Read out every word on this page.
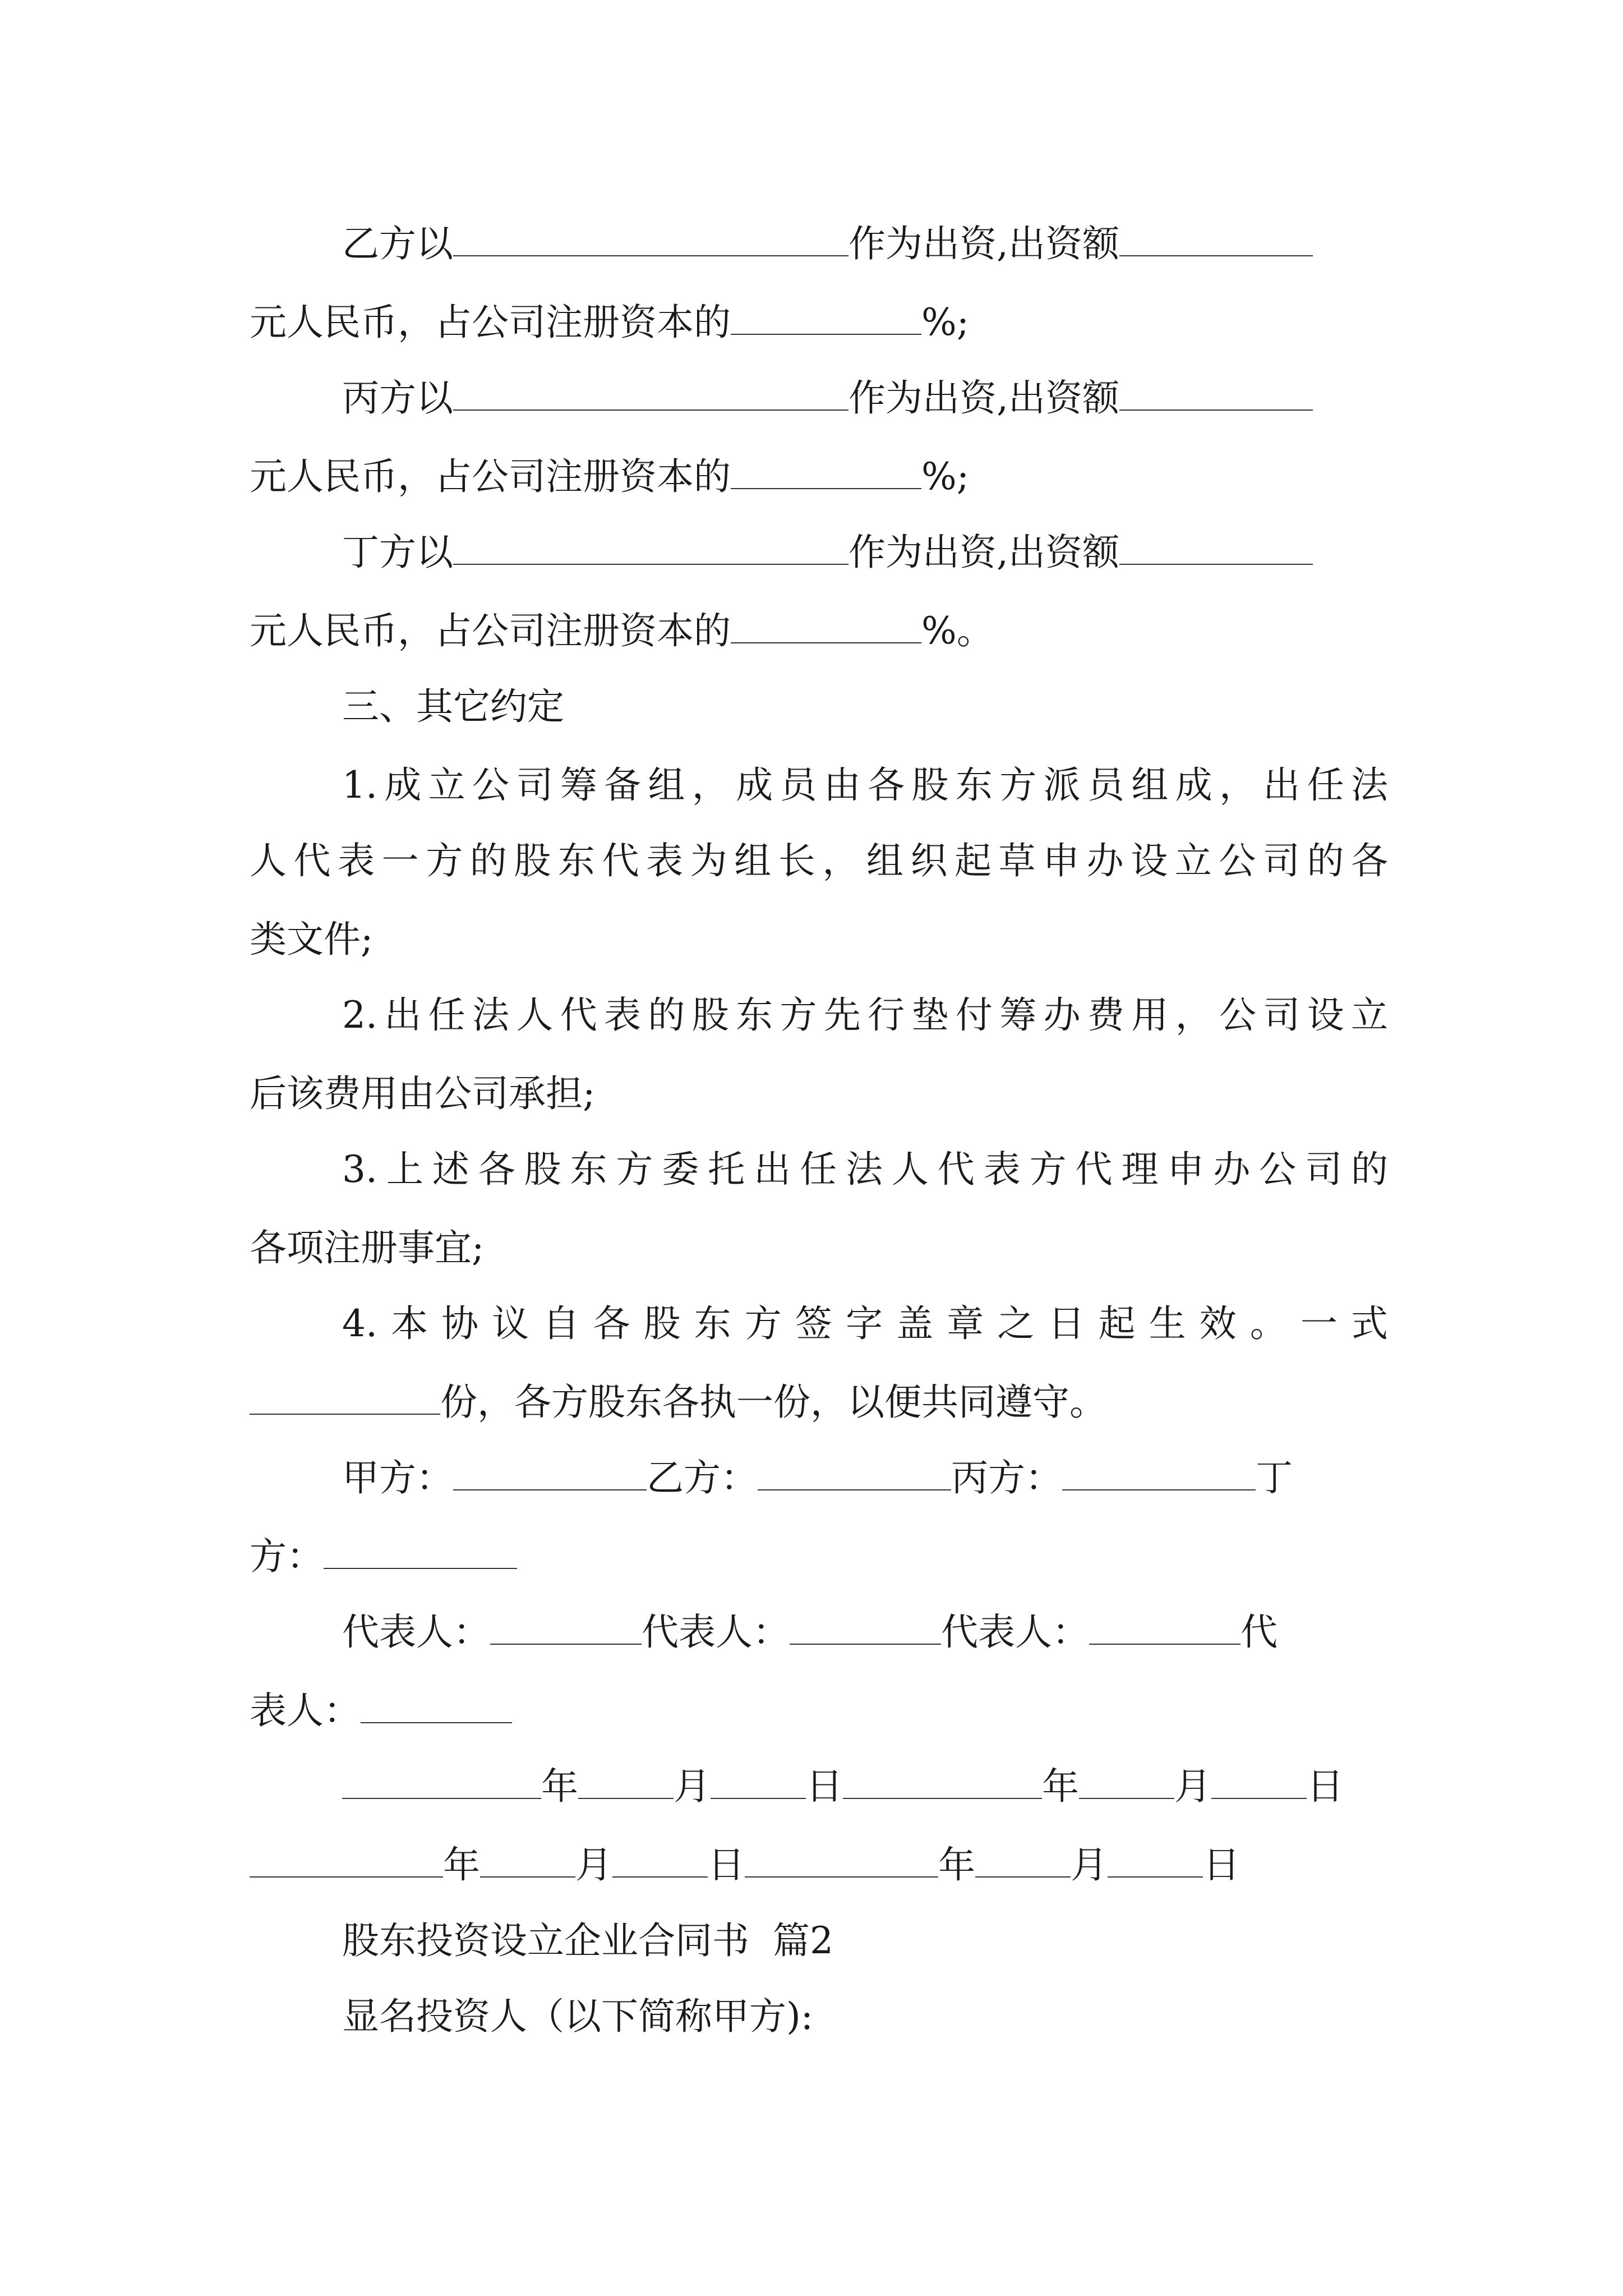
乙方以	作为出资,出资额
元人民币，占公司注册资本的	%;
丙方以	作为出资,出资额
元人民币，占公司注册资本的	%;
丁方以	作为出资,出资额
元人民币，占公司注册资本的	%。
三、其它约定
1.成立公司筹备组，成员由各股东方派员组成，出任法
人代表一方的股东代表为组长，组织起草申办设立公司的各
类文件;
2.出任法人代表的股东方先行垫付筹办费用，公司设立
后该费用由公司承担;
3.上述各股东方委托出任法人代表方代理申办公司的
各项注册事宜;
4.本协议自各股东方签字盖章之日起生效。一式
份，各方股东各执一份，以便共同遵守。
甲方：	乙方：	丙方：	丁
方：
代表人：	代表人：	代表人：	代
表人：
年	月	日	年	月	日
年	月	日	年	月	日
股东投资设立企业合同书  篇2
显名投资人（以下简称甲方):
